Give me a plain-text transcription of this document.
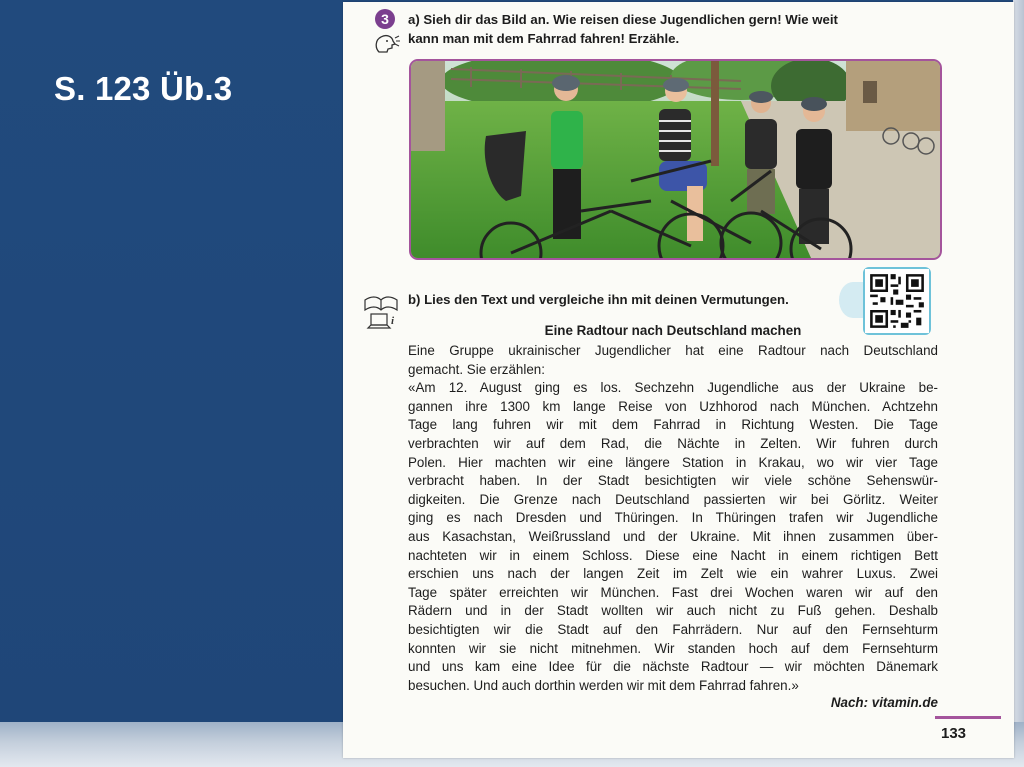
S. 123 Üb.3
3	a) Sieh dir das Bild an. Wie reisen diese Jugendlichen gern! Wie weit
kann man mit dem Fahrrad fahren! Erzähle.
i
b) Lies den Text und vergleiche ihn mit deinen Vermutungen.
Eine Radtour nach Deutschland machen
Eine Gruppe ukrainischer Jugendlicher hat eine Radtour nach Deutschland
gemacht. Sie erzählen:
«Am 12. August ging es los. Sechzehn Jugendliche aus der Ukraine be-
gannen ihre 1300 km lange Reise von Uzhhorod nach München. Achtzehn
Tage lang fuhren wir mit dem Fahrrad in Richtung Westen. Die Tage
verbrachten wir auf dem Rad, die Nächte in Zelten. Wir fuhren durch
Polen. Hier machten wir eine längere Station in Krakau, wo wir vier Tage
verbracht haben. In der Stadt besichtigten wir viele schöne Sehenswür-
digkeiten. Die Grenze nach Deutschland passierten wir bei Görlitz. Weiter
ging es nach Dresden und Thüringen. In Thüringen trafen wir Jugendliche
aus Kasachstan, Weißrussland und der Ukraine. Mit ihnen zusammen über-
nachteten wir in einem Schloss. Diese eine Nacht in einem richtigen Bett
erschien uns nach der langen Zeit im Zelt wie ein wahrer Luxus. Zwei
Tage später erreichten wir München. Fast drei Wochen waren wir auf den
Rädern und in der Stadt wollten wir auch nicht zu Fuß gehen. Deshalb
besichtigten wir die Stadt auf den Fahrrädern. Nur auf den Fernsehturm
konnten wir sie nicht mitnehmen. Wir standen hoch auf dem Fernsehturm
und uns kam eine Idee für die nächste Radtour — wir möchten Dänemark
besuchen. Und auch dorthin werden wir mit dem Fahrrad fahren.»
Nach: vitamin.de
133
